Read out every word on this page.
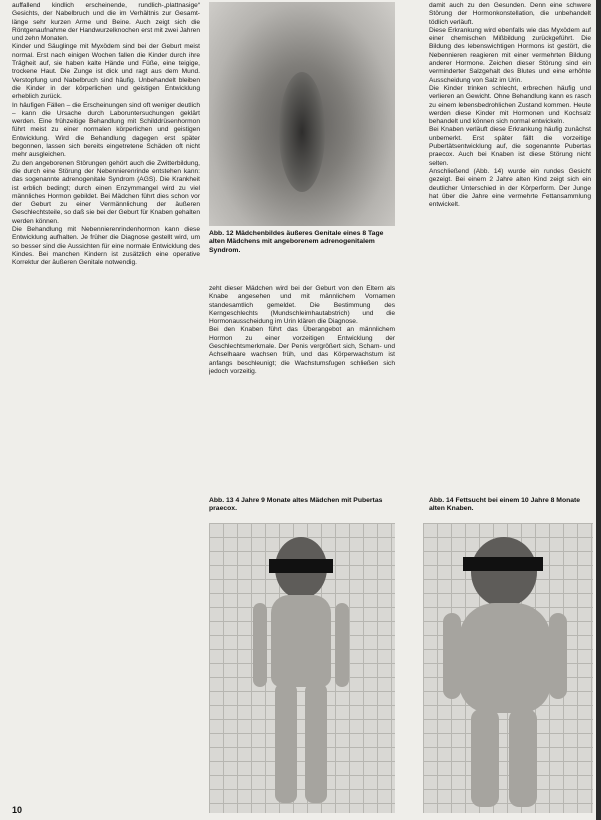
auffallend kindlich erscheinende, rundlich-„plattnasige“ Gesichts, der Nabelbruch und die im Verhältnis zur Gesamt-länge sehr kurzen Arme und Beine. Auch zeigt sich die Röntgenaufnahme der Handwurzelknochen erst mit zwei Jahren und zehn Monaten.

Kinder und Säuglinge mit Myxödem sind bei der Geburt meist normal. Erst nach einigen Wochen fallen die Kinder durch ihre Trägheit auf, sie haben kalte Hände und Füße, eine teigige, trockene Haut. Die Zunge ist dick und ragt aus dem Mund. Verstopfung und Nabelbruch sind häufig. Unbehandelt bleiben die Kinder in der körperlichen und geistigen Entwicklung erheblich zurück.

In häufigen Fällen – die Erscheinungen sind oft weniger deutlich – kann die Ursache durch Laboruntersuchungen geklärt werden. Eine frühzeitige Behandlung mit Schilddrüsenhormon führt meist zu einer normalen körperlichen und geistigen Entwicklung. Wird die Behandlung dagegen erst später begonnen, lassen sich bereits eingetretene Schäden oft nicht mehr ausgleichen.

Zu den angeborenen Störungen gehört auch die Zwitterbildung, die durch eine Störung der Nebennierenrinde entstehen kann: das sogenannte adrenogenitale Syndrom (AGS). Die Krankheit ist erblich bedingt; durch einen Enzymmangel wird zu viel männliches Hormon gebildet. Bei Mädchen führt dies schon vor der Geburt zu einer Vermännlichung der äußeren Geschlechtsteile, so daß sie bei der Geburt für Knaben gehalten werden können.

Die Behandlung mit Nebennierenrindenhormon kann diese Entwicklung aufhalten. Je früher die Diagnose gestellt wird, um so besser sind die Aussichten für eine normale Entwicklung des Kindes. Bei manchen Kindern ist zusätzlich eine operative Korrektur der äußeren Genitale notwendig.

Abb. 12 Mädchenbildes äußeres Genitale eines 8 Tage alten Mädchens mit angeborenem adrenogenitalem Syndrom.

zeht dieser Mädchen wird bei der Geburt von den Eltern als Knabe angesehen und mit männlichem Vornamen standesamtlich gemeldet. Die Bestimmung des Kerngeschlechts (Mundschleimhautabstrich) und die Hormonausscheidung im Urin klären die Diagnose.

Bei den Knaben führt das Überangebot an männlichem Hormon zu einer vorzeitigen Entwicklung der Geschlechtsmerkmale. Der Penis vergrößert sich, Scham- und Achselhaare wachsen früh, und das Körperwachstum ist anfangs beschleunigt; die Wachstumsfugen schließen sich jedoch vorzeitig.

damit auch zu den Gesunden. Denn eine schwere Störung der Hormonkonstellation, die unbehandelt tödlich verläuft.

Diese Erkrankung wird ebenfalls wie das Myxödem auf einer chemischen Mißbildung zurückgeführt. Die Bildung des lebenswichtigen Hormons ist gestört, die Nebennieren reagieren mit einer vermehrten Bildung anderer Hormone. Zeichen dieser Störung sind ein verminderter Salzgehalt des Blutes und eine erhöhte Ausscheidung von Salz im Urin.

Die Kinder trinken schlecht, erbrechen häufig und verlieren an Gewicht. Ohne Behandlung kann es rasch zu einem lebensbedrohlichen Zustand kommen. Heute werden diese Kinder mit Hormonen und Kochsalz behandelt und können sich normal entwickeln.

Bei Knaben verläuft diese Erkrankung häufig zunächst unbemerkt. Erst später fällt die vorzeitige Pubertätsentwicklung auf, die sogenannte Pubertas praecox. Auch bei Knaben ist diese Störung nicht selten.

Anschließend (Abb. 14) wurde ein rundes Gesicht gezeigt. Bei einem 2 Jahre alten Kind zeigt sich ein deutlicher Unterschied in der Körperform. Der Junge hat über die Jahre eine vermehrte Fettansammlung entwickelt.

Abb. 13 4 Jahre 9 Monate altes Mädchen mit Pubertas praecox.
Abb. 14 Fettsucht bei einem 10 Jahre 8 Monate alten Knaben.
10
